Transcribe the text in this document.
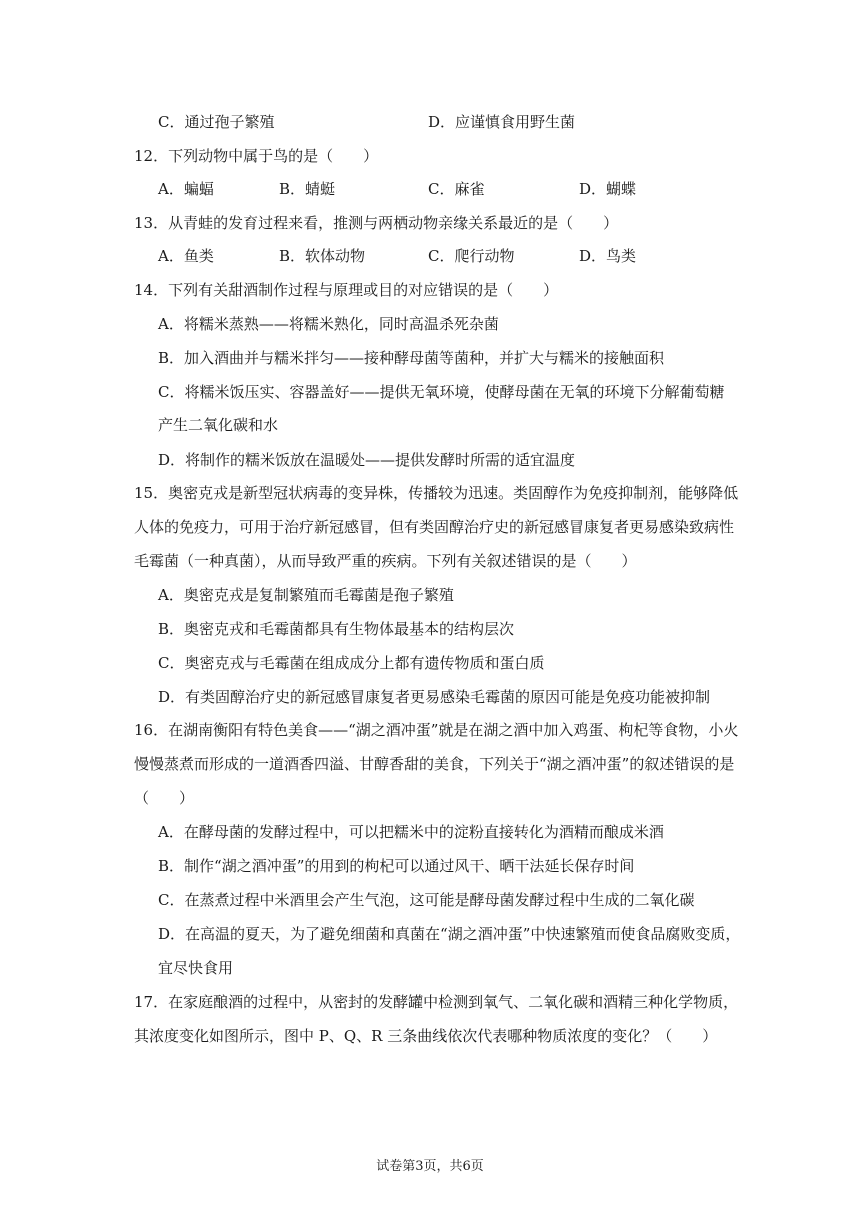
C．通过孢子繁殖	D．应谨慎食用野生菌
12．下列动物中属于鸟的是（　　）
A．蝙蝠	B．蜻蜓	C．麻雀	D．蝴蝶
13．从青蛙的发育过程来看，推测与两栖动物亲缘关系最近的是（　　）
A．鱼类	B．软体动物	C．爬行动物	D．鸟类
14．下列有关甜酒制作过程与原理或目的对应错误的是（　　）
A．将糯米蒸熟——将糯米熟化，同时高温杀死杂菌
B．加入酒曲并与糯米拌匀——接种酵母菌等菌种，并扩大与糯米的接触面积
C．将糯米饭压实、容器盖好——提供无氧环境，使酵母菌在无氧的环境下分解葡萄糖
产生二氧化碳和水
D．将制作的糯米饭放在温暖处——提供发酵时所需的适宜温度
15．奥密克戎是新型冠状病毒的变异株，传播较为迅速。类固醇作为免疫抑制剂，能够降低
人体的免疫力，可用于治疗新冠感冒，但有类固醇治疗史的新冠感冒康复者更易感染致病性
毛霉菌（一种真菌），从而导致严重的疾病。下列有关叙述错误的是（　　）
A．奥密克戎是复制繁殖而毛霉菌是孢子繁殖
B．奥密克戎和毛霉菌都具有生物体最基本的结构层次
C．奥密克戎与毛霉菌在组成成分上都有遗传物质和蛋白质
D．有类固醇治疗史的新冠感冒康复者更易感染毛霉菌的原因可能是免疫功能被抑制
16．在湖南衡阳有特色美食——“湖之酒冲蛋”就是在湖之酒中加入鸡蛋、枸杞等食物，小火
慢慢蒸煮而形成的一道酒香四溢、甘醇香甜的美食，下列关于“湖之酒冲蛋”的叙述错误的是
（　　）
A．在酵母菌的发酵过程中，可以把糯米中的淀粉直接转化为酒精而酿成米酒
B．制作“湖之酒冲蛋”的用到的枸杞可以通过风干、晒干法延长保存时间
C．在蒸煮过程中米酒里会产生气泡，这可能是酵母菌发酵过程中生成的二氧化碳
D．在高温的夏天，为了避免细菌和真菌在“湖之酒冲蛋”中快速繁殖而使食品腐败变质，
宜尽快食用
17．在家庭酿酒的过程中，从密封的发酵罐中检测到氧气、二氧化碳和酒精三种化学物质，
其浓度变化如图所示，图中 P、Q、R 三条曲线依次代表哪种物质浓度的变化？（　　）
试卷第3页，共6页
